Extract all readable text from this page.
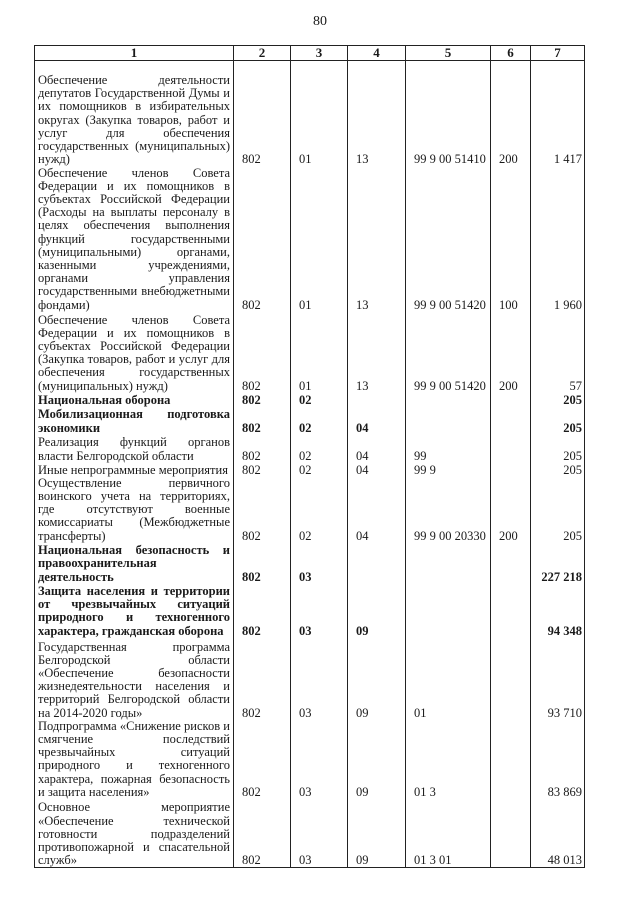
80
1	2	3	4	5	6	7
Обеспечение деятельности депутатов Государственной Думы и их помощников в избирательных округах (Закупка товаров, работ и услуг для обеспечения государственных (муниципальных) нужд)	802	01	13	99 9 00 51410	200	1 417
Обеспечение членов Совета Федерации и их помощников в субъектах Российской Федерации (Расходы на выплаты персоналу в целях обеспечения выполнения функций государственными (муниципальными) органами, казенными учреждениями, органами управления государственными внебюджетными фондами)	802	01	13	99 9 00 51420	100	1 960
Обеспечение членов Совета Федерации и их помощников в субъектах Российской Федерации (Закупка товаров, работ и услуг для обеспечения государственных (муниципальных) нужд)	802	01	13	99 9 00 51420	200	57
Национальная оборона	802	02				205
Мобилизационная подготовка экономики	802	02	04			205
Реализация функций органов власти Белгородской области	802	02	04	99		205
Иные непрограммные мероприятия	802	02	04	99 9		205
Осуществление первичного воинского учета на территориях, где отсутствуют военные комиссариаты (Межбюджетные трансферты)	802	02	04	99 9 00 20330	200	205
Национальная безопасность и правоохранительная деятельность	802	03				227 218
Защита населения и территории от чрезвычайных ситуаций природного и техногенного характера, гражданская оборона	802	03	09			94 348
Государственная программа Белгородской области «Обеспечение безопасности жизнедеятельности населения и территорий Белгородской области на 2014-2020 годы»	802	03	09	01		93 710
Подпрограмма «Снижение рисков и смягчение последствий чрезвычайных ситуаций природного и техногенного характера, пожарная безопасность и защита населения»	802	03	09	01 3		83 869
Основное мероприятие «Обеспечение технической готовности подразделений противопожарной и спасательной служб»	802	03	09	01 3 01		48 013
